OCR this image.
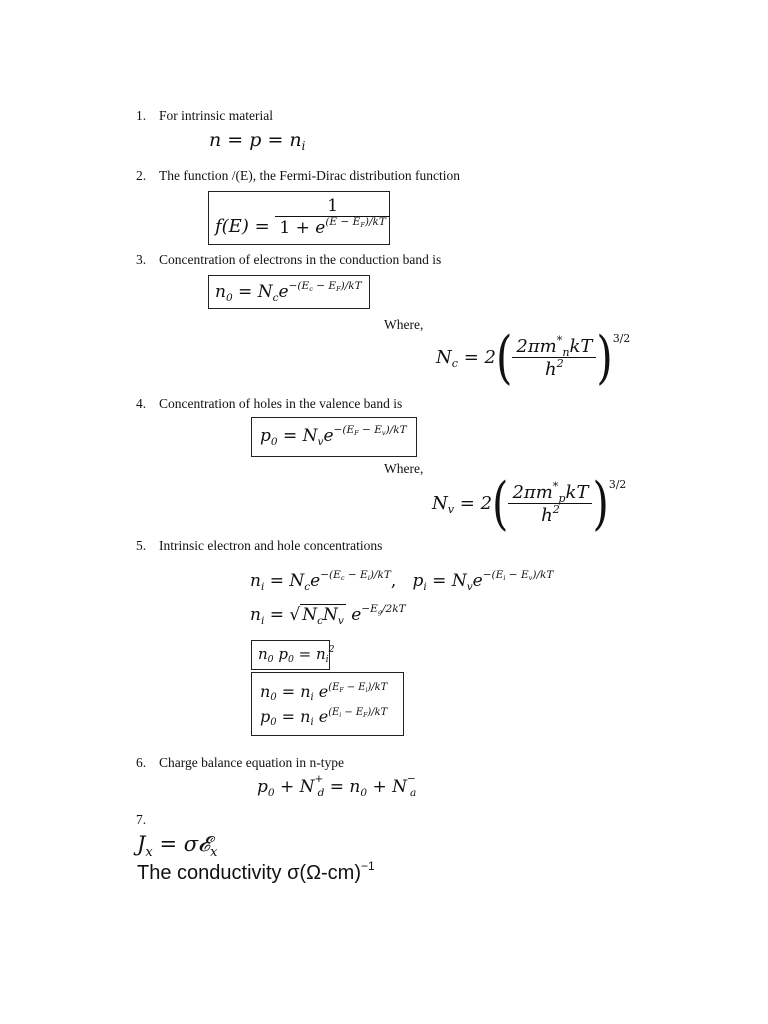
1. For intrinsic material
$n = p = n_i$
2. The function /(E), the Fermi-Dirac distribution function
$f(E) = \frac{1}{1 + e^{(E - E_F)/kT}}$
3. Concentration of electrons in the conduction band is
$n_0 = N_ce^{-(E_c - E_F)/kT}$
Where,
$N_c = 2( \frac{2\pi m^*_nkT}{h^2} )^{3/2}$
4. Concentration of holes in the valence band is
$p_0 = N_ve^{-(E_F - E_v)/kT}$
Where,
$N_v = 2( \frac{2\pi m^*_pkT}{h^2} )^{3/2}$
5. Intrinsic electron and hole concentrations
$n_i = N_ce^{-(E_c - E_i)/kT}$,   $p_i = N_ve^{-(E_i - E_v)/kT}$
$n_i$ = √ $N_cN_v$ $e^{-E_g/2kT}$
$n_0$ $p_0 = n_i^2$
$n_0 = n_i$ $e^{(E_F - E_i)/kT}$
$p_0 = n_i$ $e^{(E_i - E_F)/kT}$
6. Charge balance equation in n-type
$p_0 + N_{+d} = n_0 + N_{-a}$
7.
$J_x$ = σ𝓔$_x$
The conductivity $\sigma(\Omega-cm)^{-1}$
